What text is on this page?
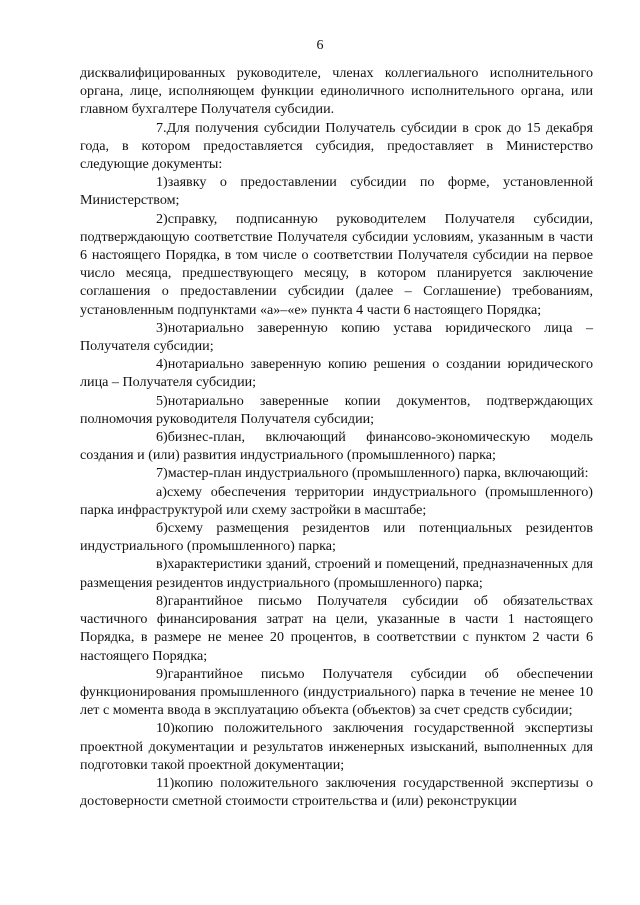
6

дисквалифицированных руководителе, членах коллегиального исполнительного органа, лице, исполняющем функции единоличного исполнительного органа, или главном бухгалтере Получателя субсидии.

7.Для получения субсидии Получатель субсидии в срок до 15 декабря года, в котором предоставляется субсидия, предоставляет в Министерство следующие документы:

1)заявку о предоставлении субсидии по форме, установленной Министерством;

2)справку, подписанную руководителем Получателя субсидии, подтверждающую соответствие Получателя субсидии условиям, указанным в части 6 настоящего Порядка, в том числе о соответствии Получателя субсидии на первое число месяца, предшествующего месяцу, в котором планируется заключение соглашения о предоставлении субсидии (далее – Соглашение) требованиям, установленным подпунктами «а»–«е» пункта 4 части 6 настоящего Порядка;

3)нотариально заверенную копию устава юридического лица – Получателя субсидии;

4)нотариально заверенную копию решения о создании юридического лица – Получателя субсидии;

5)нотариально заверенные копии документов, подтверждающих полномочия руководителя Получателя субсидии;

6)бизнес-план, включающий финансово-экономическую модель создания и (или) развития индустриального (промышленного) парка;

7)мастер-план индустриального (промышленного) парка, включающий:

а)схему обеспечения территории индустриального (промышленного) парка инфраструктурой или схему застройки в масштабе;

б)схему размещения резидентов или потенциальных резидентов индустриального (промышленного) парка;

в)характеристики зданий, строений и помещений, предназначенных для размещения резидентов индустриального (промышленного) парка;

8)гарантийное письмо Получателя субсидии об обязательствах частичного финансирования затрат на цели, указанные в части 1 настоящего Порядка, в размере не менее 20 процентов, в соответствии с пунктом 2 части 6 настоящего Порядка;

9)гарантийное письмо Получателя субсидии об обеспечении функционирования промышленного (индустриального) парка в течение не менее 10 лет с момента ввода в эксплуатацию объекта (объектов) за счет средств субсидии;

10)копию положительного заключения государственной экспертизы проектной документации и результатов инженерных изысканий, выполненных для подготовки такой проектной документации;

11)копию положительного заключения государственной экспертизы о достоверности сметной стоимости строительства и (или) реконструкции
